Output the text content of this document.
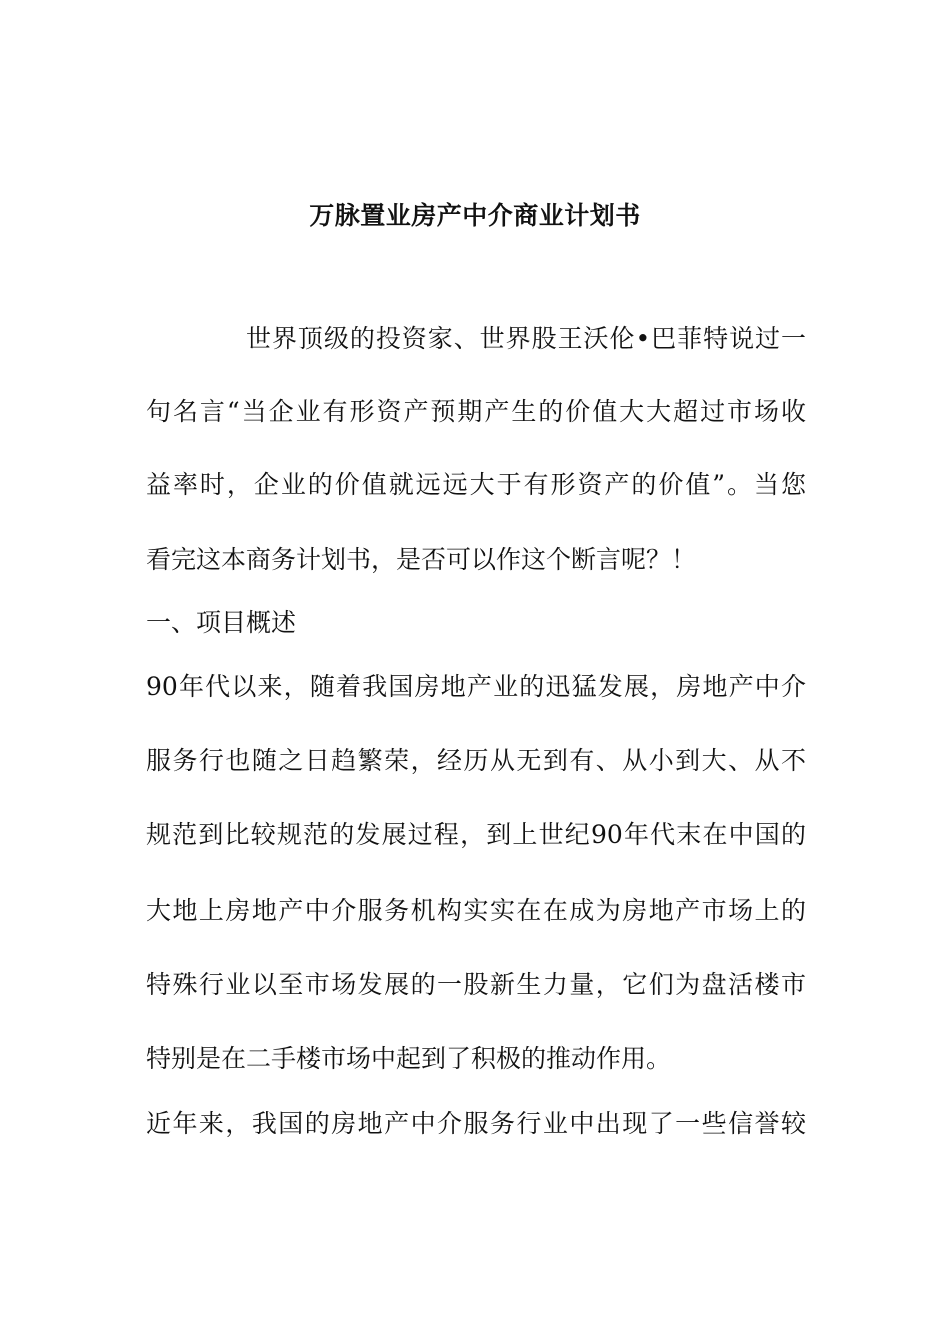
万脉置业房产中介商业计划书

世界顶级的投资家、世界股王沃伦•巴菲特说过一

句名言“当企业有形资产预期产生的价值大大超过市场收

益率时，企业的价值就远远大于有形资产的价值”。当您

看完这本商务计划书，是否可以作这个断言呢？！

一、项目概述

90年代以来，随着我国房地产业的迅猛发展，房地产中介

服务行也随之日趋繁荣，经历从无到有、从小到大、从不

规范到比较规范的发展过程，到上世纪90年代末在中国的

大地上房地产中介服务机构实实在在成为房地产市场上的

特殊行业以至市场发展的一股新生力量，它们为盘活楼市

特别是在二手楼市场中起到了积极的推动作用。

近年来，我国的房地产中介服务行业中出现了一些信誉较
